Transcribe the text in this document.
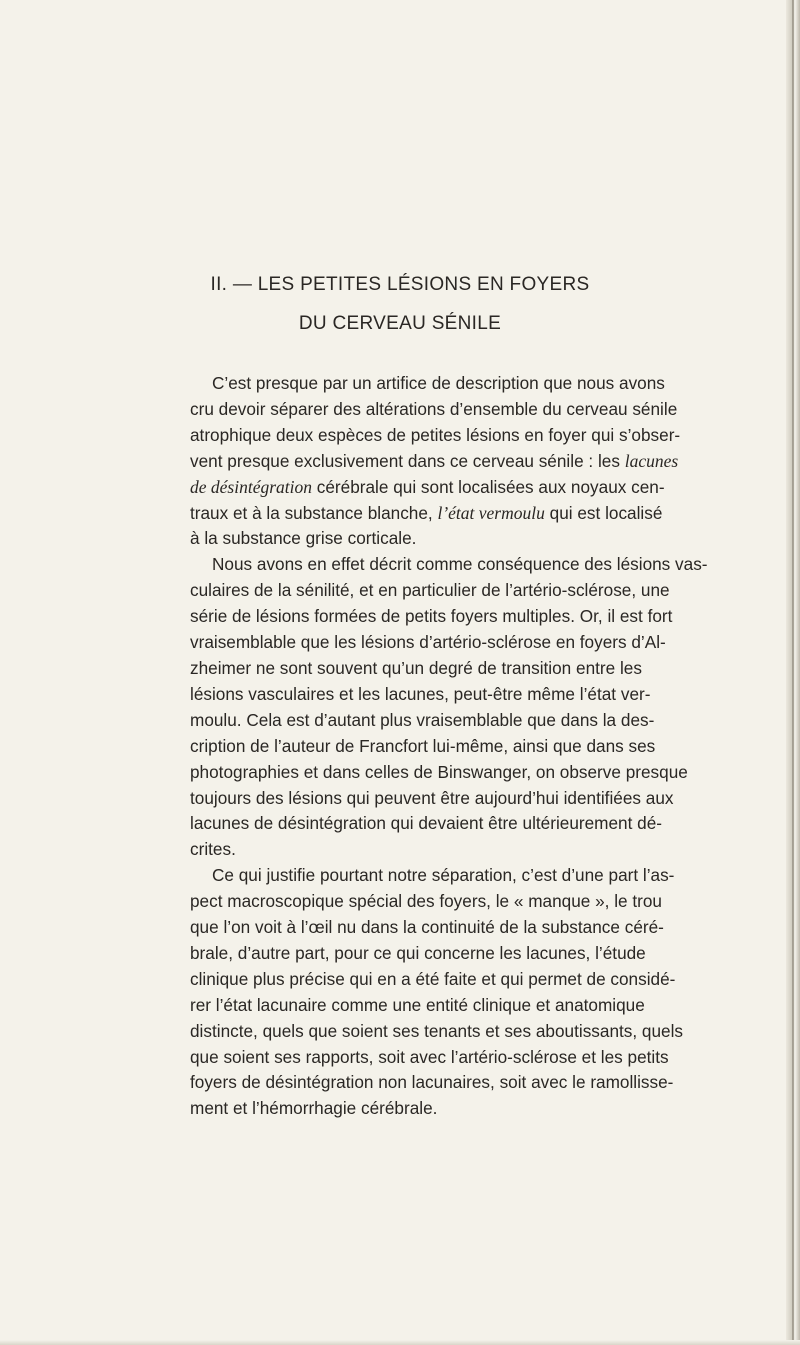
II. — LES PETITES LÉSIONS EN FOYERS
DU CERVEAU SÉNILE

C’est presque par un artifice de description que nous avons
cru devoir séparer des altérations d’ensemble du cerveau sénile
atrophique deux espèces de petites lésions en foyer qui s’obser-
vent presque exclusivement dans ce cerveau sénile : les lacunes
de désintégration cérébrale qui sont localisées aux noyaux cen-
traux et à la substance blanche, l’état vermoulu qui est localisé
à la substance grise corticale.

Nous avons en effet décrit comme conséquence des lésions vas-
culaires de la sénilité, et en particulier de l’artério-sclérose, une
série de lésions formées de petits foyers multiples. Or, il est fort
vraisemblable que les lésions d’artério-sclérose en foyers d’Al-
zheimer ne sont souvent qu’un degré de transition entre les
lésions vasculaires et les lacunes, peut-être même l’état ver-
moulu. Cela est d’autant plus vraisemblable que dans la des-
cription de l’auteur de Francfort lui-même, ainsi que dans ses
photographies et dans celles de Binswanger, on observe presque
toujours des lésions qui peuvent être aujourd’hui identifiées aux
lacunes de désintégration qui devaient être ultérieurement dé-
crites.

Ce qui justifie pourtant notre séparation, c’est d’une part l’as-
pect macroscopique spécial des foyers, le « manque », le trou
que l’on voit à l’œil nu dans la continuité de la substance céré-
brale, d’autre part, pour ce qui concerne les lacunes, l’étude
clinique plus précise qui en a été faite et qui permet de considé-
rer l’état lacunaire comme une entité clinique et anatomique
distincte, quels que soient ses tenants et ses aboutissants, quels
que soient ses rapports, soit avec l’artério-sclérose et les petits
foyers de désintégration non lacunaires, soit avec le ramollisse-
ment et l’hémorrhagie cérébrale.
